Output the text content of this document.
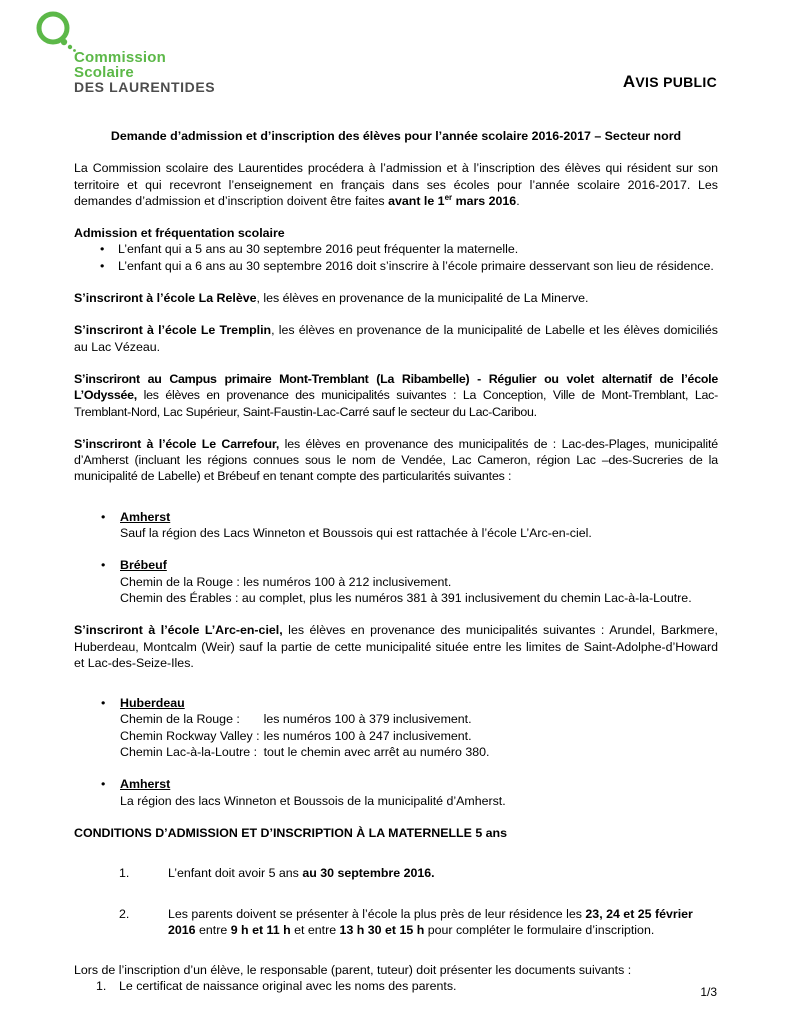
Commission
Scolaire
DES LAURENTIDES	AVIS PUBLIC

Demande d’admission et d’inscription des élèves pour l’année scolaire 2016-2017 – Secteur nord

La Commission scolaire des Laurentides procédera à l’admission et à l’inscription des élèves qui résident sur son territoire et qui recevront l’enseignement en français dans ses écoles pour l’année scolaire 2016-2017. Les demandes d’admission et d’inscription doivent être faites avant le 1er mars 2016.

Admission et fréquentation scolaire

• L’enfant qui a 5 ans au 30 septembre 2016 peut fréquenter la maternelle.
• L’enfant qui a 6 ans au 30 septembre 2016 doit s’inscrire à l’école primaire desservant son lieu de résidence.

S’inscriront à l’école La Relève, les élèves en provenance de la municipalité de La Minerve.

S’inscriront à l’école Le Tremplin, les élèves en provenance de la municipalité de Labelle et les élèves domiciliés au Lac Vézeau.

S’inscriront au Campus primaire Mont-Tremblant (La Ribambelle) - Régulier ou volet alternatif de l’école L’Odyssée, les élèves en provenance des municipalités suivantes : La Conception, Ville de Mont-Tremblant, Lac-Tremblant-Nord, Lac Supérieur, Saint-Faustin-Lac-Carré sauf le secteur du Lac-Caribou.

S’inscriront à l’école Le Carrefour, les élèves en provenance des municipalités de : Lac-des-Plages, municipalité d’Amherst (incluant les régions connues sous le nom de Vendée, Lac Cameron, région Lac –des-Sucreries de la municipalité de Labelle) et Brébeuf en tenant compte des particularités suivantes :

• Amherst
Sauf la région des Lacs Winneton et Boussois qui est rattachée à l’école L’Arc-en-ciel.
• Brébeuf
Chemin de la Rouge : les numéros 100 à 212 inclusivement.
Chemin des Érables : au complet, plus les numéros 381 à 391 inclusivement du chemin Lac-à-la-Loutre.

S’inscriront à l’école L’Arc-en-ciel, les élèves en provenance des municipalités suivantes : Arundel, Barkmere, Huberdeau, Montcalm (Weir) sauf la partie de cette municipalité située entre les limites de Saint-Adolphe-d’Howard et Lac-des-Seize-Iles.

• Huberdeau
Chemin de la Rouge :	les numéros 100 à 379 inclusivement.
Chemin Rockway Valley :	les numéros 100 à 247 inclusivement.
Chemin Lac-à-la-Loutre :	tout le chemin avec arrêt au numéro 380.
• Amherst
La région des lacs Winneton et Boussois de la municipalité d’Amherst.

CONDITIONS D’ADMISSION ET D’INSCRIPTION À LA MATERNELLE 5 ans

1.	L’enfant doit avoir 5 ans au 30 septembre 2016.
2.	Les parents doivent se présenter à l’école la plus près de leur résidence les 23, 24 et 25 février 2016 entre 9 h et 11 h et entre 13 h 30 et 15 h pour compléter le formulaire d’inscription.

Lors de l’inscription d’un élève, le responsable (parent, tuteur) doit présenter les documents suivants :

1. Le certificat de naissance original avec les noms des parents.	1/3
